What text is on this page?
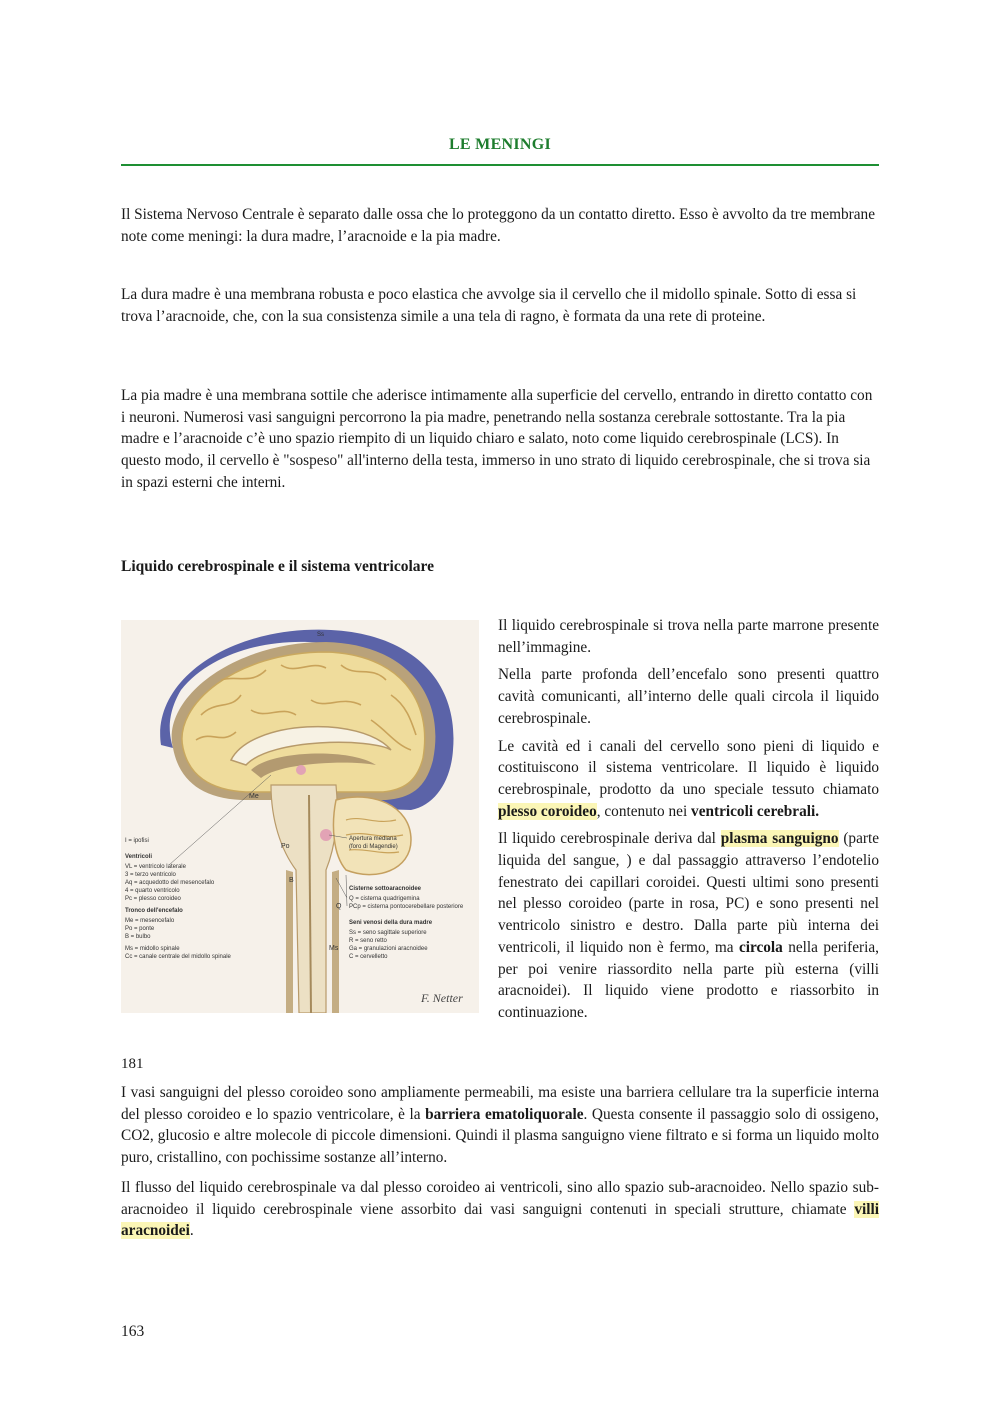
LE MENINGI

Il Sistema Nervoso Centrale è separato dalle ossa che lo proteggono da un contatto diretto. Esso è avvolto da tre membrane note come meningi: la dura madre, l’aracnoide e la pia madre.

La dura madre è una membrana robusta e poco elastica che avvolge sia il cervello che il midollo spinale. Sotto di essa si trova l’aracnoide, che, con la sua consistenza simile a una tela di ragno, è formata da una rete di proteine.

La pia madre è una membrana sottile che aderisce intimamente alla superficie del cervello, entrando in diretto contatto con i neuroni. Numerosi vasi sanguigni percorrono la pia madre, penetrando nella sostanza cerebrale sottostante. Tra la pia madre e l’aracnoide c’è uno spazio riempito di un liquido chiaro e salato, noto come liquido cerebrospinale (LCS). In questo modo, il cervello è "sospeso" all'interno della testa, immerso in uno strato di liquido cerebrospinale, che si trova sia in spazi esterni che interni.

Liquido cerebrospinale e il sistema ventricolare
Me
Po
B
Q
Ms
Ss
I = ipofisi
Ventricoli
VL = ventricolo laterale
3 = terzo ventricolo
Aq = acquedotto del mesencefalo
4 = quarto ventricolo
Pc = plesso coroideo
Tronco dell'encefalo
Me = mesencefalo
Po = ponte
B = bulbo
Ms = midollo spinale
Cc = canale centrale del midollo spinale
Apertura mediana
(foro di Magendie)
Cisterne sottoaracnoidee
Q = cisterna quadrigemina
PCp = cisterna pontocerebellare posteriore
Seni venosi della dura madre
Ss = seno sagittale superiore
R = seno retto
Ga = granulazioni aracnoidee
C = cervelletto
F. Netter

Il liquido cerebrospinale si trova nella parte marrone presente nell’immagine.

Nella parte profonda dell’encefalo sono presenti quattro cavità comunicanti, all’interno delle quali circola il liquido cerebrospinale.

Le cavità ed i canali del cervello sono pieni di liquido e costituiscono il sistema ventricolare. Il liquido è liquido cerebrospinale, prodotto da uno speciale tessuto chiamato plesso coroideo, contenuto nei ventricoli cerebrali.

Il liquido cerebrospinale deriva dal plasma sanguigno (parte liquida del sangue, ) e dal passaggio attraverso l’endotelio fenestrato dei capillari coroidei. Questi ultimi sono presenti nel plesso coroideo (parte in rosa, PC) e sono presenti nel ventricolo sinistro e destro. Dalla parte più interna dei ventricoli, il liquido non è fermo, ma circola nella periferia, per poi venire riassordito nella parte più esterna (villi aracnoidei). Il liquido viene prodotto e riassorbito in continuazione.

181

I vasi sanguigni del plesso coroideo sono ampliamente permeabili, ma esiste una barriera cellulare tra la superficie interna del plesso coroideo e lo spazio ventricolare, è la barriera ematoliquorale. Questa consente il passaggio solo di ossigeno, CO2, glucosio e altre molecole di piccole dimensioni. Quindi il plasma sanguigno viene filtrato e si forma un liquido molto puro, cristallino, con pochissime sostanze all’interno.

Il flusso del liquido cerebrospinale va dal plesso coroideo ai ventricoli, sino allo spazio sub-aracnoideo. Nello spazio sub-aracnoideo il liquido cerebrospinale viene assorbito dai vasi sanguigni contenuti in speciali strutture, chiamate villi aracnoidei.

163
